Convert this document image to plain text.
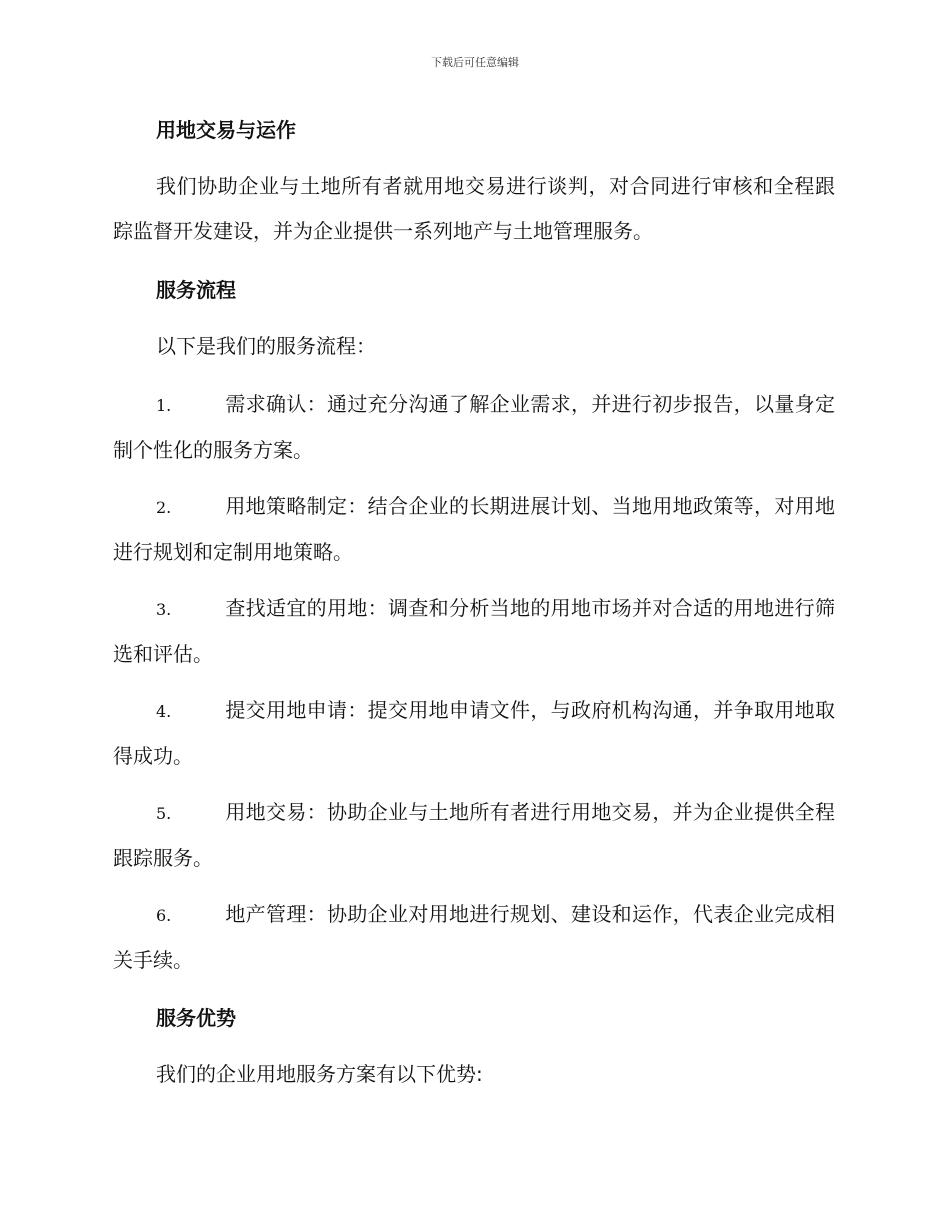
下载后可任意编辑
用地交易与运作
我们协助企业与土地所有者就用地交易进行谈判，对合同进行审核和全程跟踪监督开发建设，并为企业提供一系列地产与土地管理服务。
服务流程
以下是我们的服务流程：
1.	需求确认：通过充分沟通了解企业需求，并进行初步报告，以量身定制个性化的服务方案。
2.	用地策略制定：结合企业的长期进展计划、当地用地政策等，对用地进行规划和定制用地策略。
3.	查找适宜的用地：调查和分析当地的用地市场并对合适的用地进行筛选和评估。
4.	提交用地申请：提交用地申请文件，与政府机构沟通，并争取用地取得成功。
5.	用地交易：协助企业与土地所有者进行用地交易，并为企业提供全程跟踪服务。
6.	地产管理：协助企业对用地进行规划、建设和运作，代表企业完成相关手续。
服务优势
我们的企业用地服务方案有以下优势:
